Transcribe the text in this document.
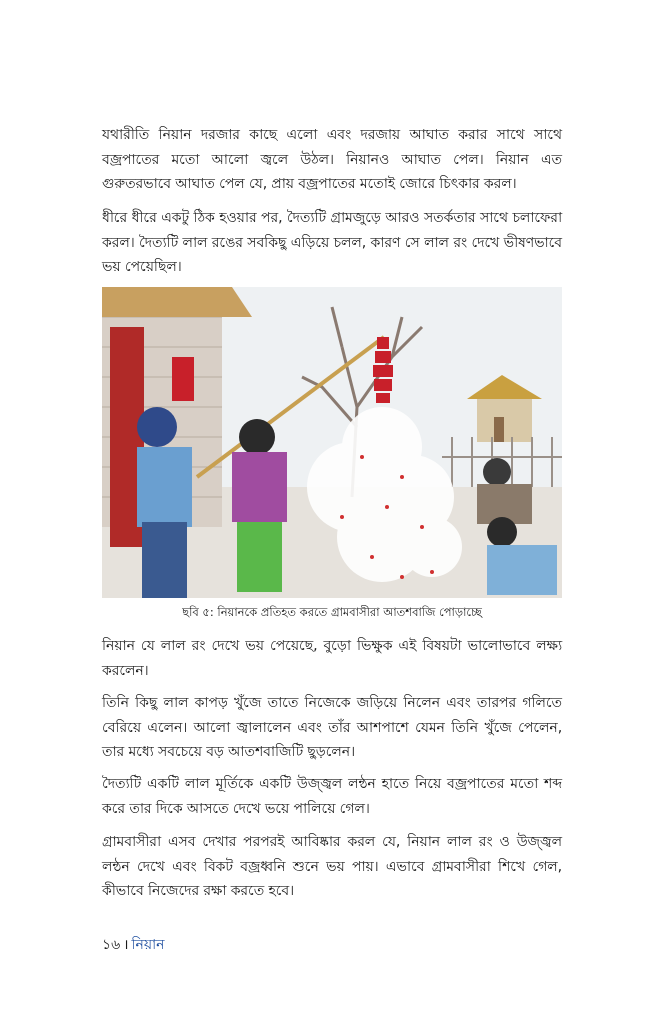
যথারীতি নিয়ান দরজার কাছে এলো এবং দরজায় আঘাত করার সাথে সাথে বজ্রপাতের মতো আলো জ্বলে উঠল। নিয়ানও আঘাত পেল। নিয়ান এত গুরুতরভাবে আঘাত পেল যে, প্রায় বজ্রপাতের মতোই জোরে চিৎকার করল।

ধীরে ধীরে একটু ঠিক হওয়ার পর, দৈত্যটি গ্রামজুড়ে আরও সতর্কতার সাথে চলাফেরা করল। দৈত্যটি লাল রঙের সবকিছু এড়িয়ে চলল, কারণ সে লাল রং দেখে ভীষণভাবে ভয় পেয়েছিল।

ছবি ৫: নিয়ানকে প্রতিহত করতে গ্রামবাসীরা আতশবাজি পোড়াচ্ছে

নিয়ান যে লাল রং দেখে ভয় পেয়েছে, বুড়ো ভিক্ষুক এই বিষয়টা ভালোভাবে লক্ষ্য করলেন।

তিনি কিছু লাল কাপড় খুঁজে তাতে নিজেকে জড়িয়ে নিলেন এবং তারপর গলিতে বেরিয়ে এলেন। আলো জ্বালালেন এবং তাঁর আশপাশে যেমন তিনি খুঁজে পেলেন, তার মধ্যে সবচেয়ে বড় আতশবাজিটি ছুড়লেন।

দৈত্যটি একটি লাল মূর্তিকে একটি উজ্জ্বল লন্ঠন হাতে নিয়ে বজ্রপাতের মতো শব্দ করে তার দিকে আসতে দেখে ভয়ে পালিয়ে গেল।

গ্রামবাসীরা এসব দেখার পরপরই আবিষ্কার করল যে, নিয়ান লাল রং ও উজ্জ্বল লন্ঠন দেখে এবং বিকট বজ্রধ্বনি শুনে ভয় পায়। এভাবে গ্রামবাসীরা শিখে গেল, কীভাবে নিজেদের রক্ষা করতে হবে।

১৬ । নিয়ান
